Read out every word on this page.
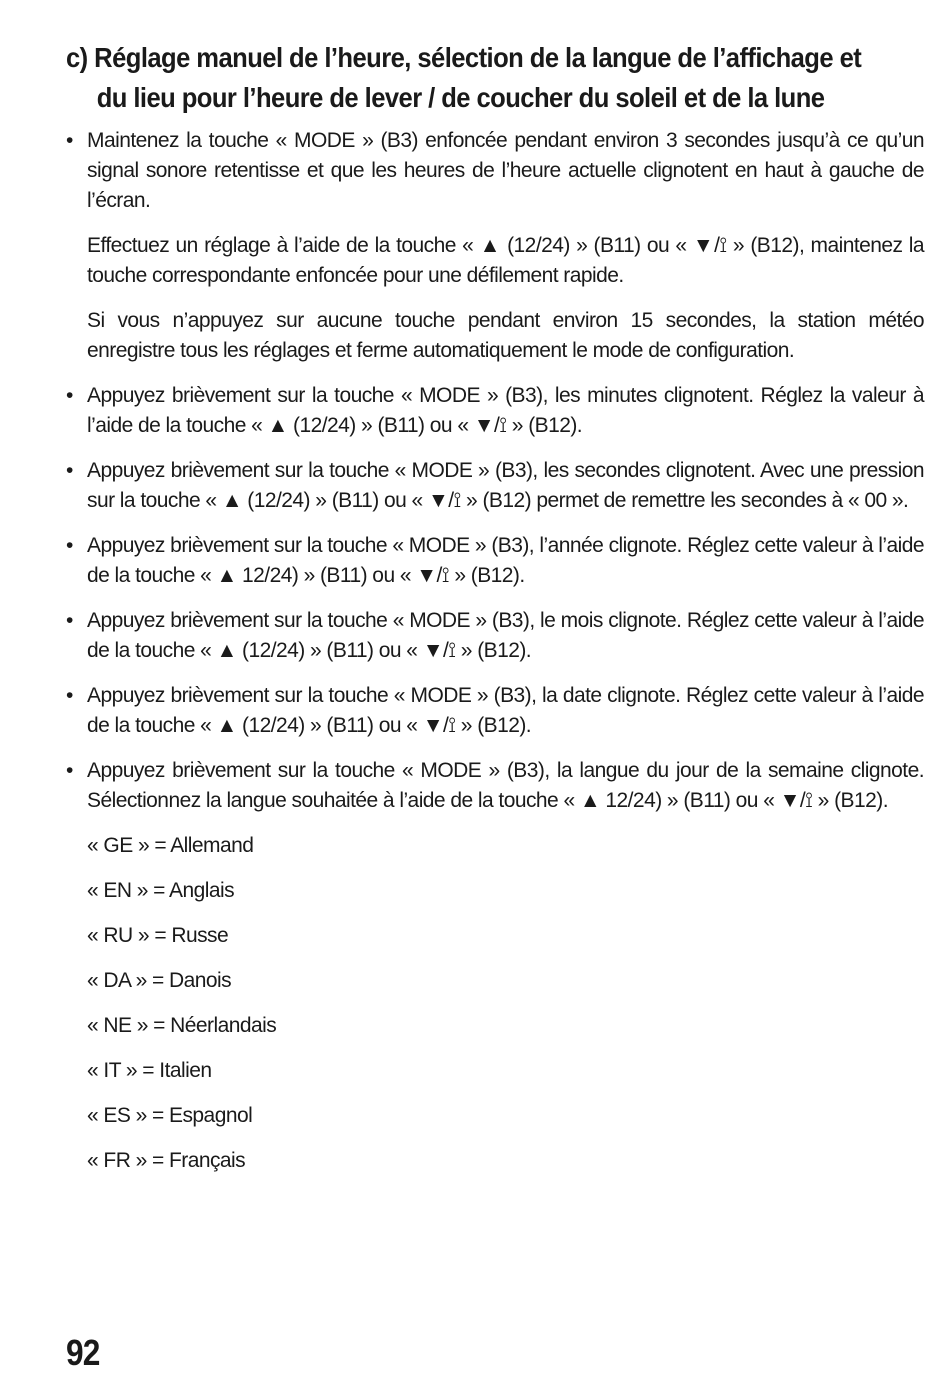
c) Réglage manuel de l’heure, sélection de la langue de l’affichage et
du lieu pour l’heure de lever / de coucher du soleil et de la lune
• Maintenez la touche « MODE » (B3) enfoncée pendant environ 3 secondes jusqu’à ce qu’un signal sonore retentisse et que les heures de l’heure actuelle clignotent en haut à gauche de l’écran.

Effectuez un réglage à l’aide de la touche « ▲ (12/24) » (B11) ou « ▼/⟟ » (B12), maintenez la touche correspondante enfoncée pour une défilement rapide.

Si vous n’appuyez sur aucune touche pendant environ 15 secondes, la station météo enregistre tous les réglages et ferme automatiquement le mode de configuration.

• Appuyez brièvement sur la touche « MODE » (B3), les minutes clignotent. Réglez la valeur à l’aide de la touche « ▲ (12/24) » (B11) ou « ▼/⟟ » (B12).

• Appuyez brièvement sur la touche « MODE » (B3), les secondes clignotent. Avec une pression sur la touche « ▲ (12/24) » (B11) ou « ▼/⟟ » (B12) permet de remettre les secondes à « 00 ».

• Appuyez brièvement sur la touche « MODE » (B3), l’année clignote. Réglez cette valeur à l’aide de la touche « ▲ 12/24) » (B11) ou « ▼/⟟ » (B12).

• Appuyez brièvement sur la touche « MODE » (B3), le mois clignote. Réglez cette valeur à l’aide de la touche « ▲ (12/24) » (B11) ou « ▼/⟟ » (B12).

• Appuyez brièvement sur la touche « MODE » (B3), la date clignote. Réglez cette valeur à l’aide de la touche « ▲ (12/24) » (B11) ou « ▼/⟟ » (B12).

• Appuyez brièvement sur la touche « MODE » (B3), la langue du jour de la semaine clignote. Sélectionnez la langue souhaitée à l’aide de la touche « ▲ 12/24) » (B11) ou « ▼/⟟ » (B12).

« GE » = Allemand
« EN » = Anglais
« RU » = Russe
« DA » = Danois
« NE » = Néerlandais
« IT » = Italien
« ES » = Espagnol
« FR » = Français
92
